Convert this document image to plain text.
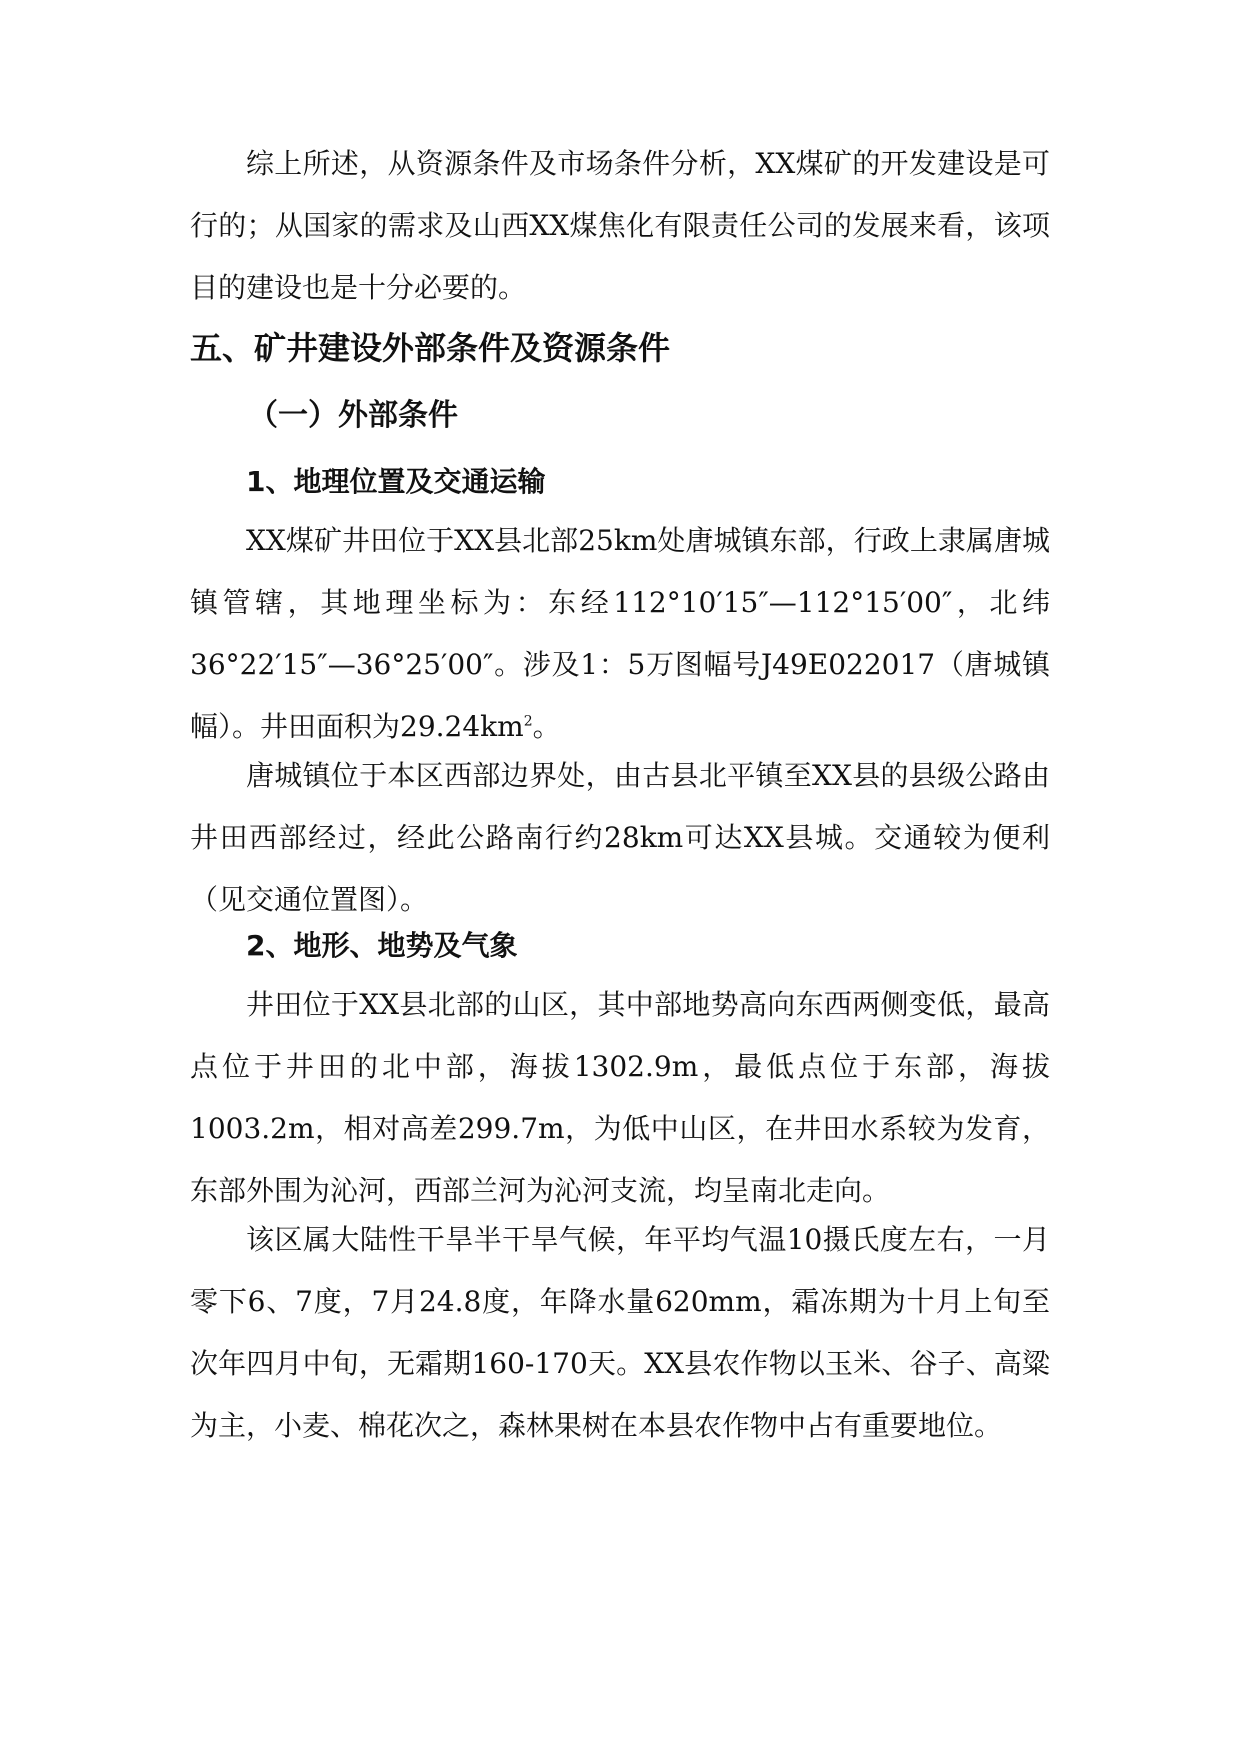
综上所述，从资源条件及市场条件分析，XX煤矿的开发建设是可行的；从国家的需求及山西XX煤焦化有限责任公司的发展来看，该项目的建设也是十分必要的。

五、矿井建设外部条件及资源条件
（一）外部条件
1、地理位置及交通运输

XX煤矿井田位于XX县北部25km处唐城镇东部，行政上隶属唐城镇管辖，其地理坐标为：东经112°10′15″—112°15′00″，北纬36°22′15″—36°25′00″。涉及1：5万图幅号J49E022017（唐城镇幅）。井田面积为$29.24km^2$。

唐城镇位于本区西部边界处，由古县北平镇至XX县的县级公路由井田西部经过，经此公路南行约28km可达XX县城。交通较为便利（见交通位置图）。

2、地形、地势及气象

井田位于XX县北部的山区，其中部地势高向东西两侧变低，最高点位于井田的北中部，海拔1302.9m，最低点位于东部，海拔1003.2m，相对高差299.7m，为低中山区，在井田水系较为发育，东部外围为沁河，西部兰河为沁河支流，均呈南北走向。

该区属大陆性干旱半干旱气候，年平均气温10摄氏度左右，一月零下6、7度，7月24.8度，年降水量620mm，霜冻期为十月上旬至次年四月中旬，无霜期160-170天。XX县农作物以玉米、谷子、高粱为主，小麦、棉花次之，森林果树在本县农作物中占有重要地位。
